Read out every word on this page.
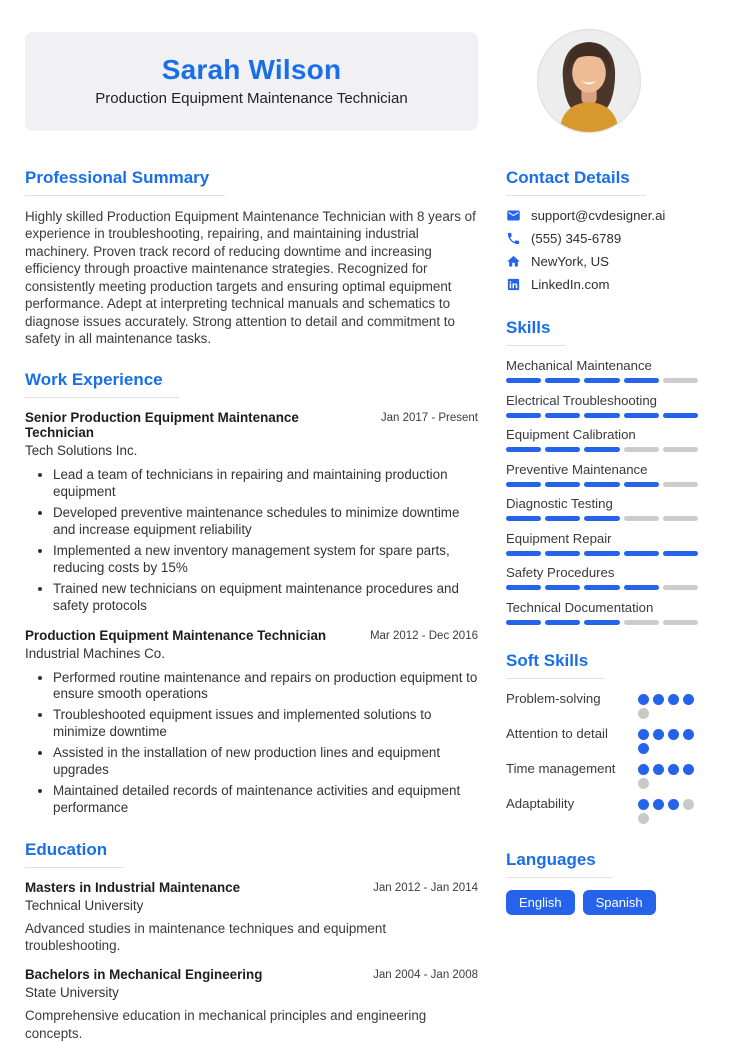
Sarah Wilson
Production Equipment Maintenance Technician
Professional Summary

Highly skilled Production Equipment Maintenance Technician with 8 years of experience in troubleshooting, repairing, and maintaining industrial machinery. Proven track record of reducing downtime and increasing efficiency through proactive maintenance strategies. Recognized for consistently meeting production targets and ensuring optimal equipment performance. Adept at interpreting technical manuals and schematics to diagnose issues accurately. Strong attention to detail and commitment to safety in all maintenance tasks.

Work Experience
Senior Production Equipment Maintenance Technician
Jan 2017 - Present
Tech Solutions Inc.
• Lead a team of technicians in repairing and maintaining production equipment
• Developed preventive maintenance schedules to minimize downtime and increase equipment reliability
• Implemented a new inventory management system for spare parts, reducing costs by 15%
• Trained new technicians on equipment maintenance procedures and safety protocols
Production Equipment Maintenance Technician	Mar 2012 - Dec 2016
Industrial Machines Co.
• Performed routine maintenance and repairs on production equipment to ensure smooth operations
• Troubleshooted equipment issues and implemented solutions to minimize downtime
• Assisted in the installation of new production lines and equipment upgrades
• Maintained detailed records of maintenance activities and equipment performance
Education
Masters in Industrial Maintenance	Jan 2012 - Jan 2014
Technical University
Advanced studies in maintenance techniques and equipment troubleshooting.
Bachelors in Mechanical Engineering	Jan 2004 - Jan 2008
State University
Comprehensive education in mechanical principles and engineering concepts.
Contact Details
support@cvdesigner.ai
(555) 345-6789
NewYork, US
LinkedIn.com
Skills
Mechanical Maintenance
Electrical Troubleshooting
Equipment Calibration
Preventive Maintenance
Diagnostic Testing
Equipment Repair
Safety Procedures
Technical Documentation
Soft Skills
Problem-solving
Attention to detail
Time management
Adaptability
Languages
English	Spanish
